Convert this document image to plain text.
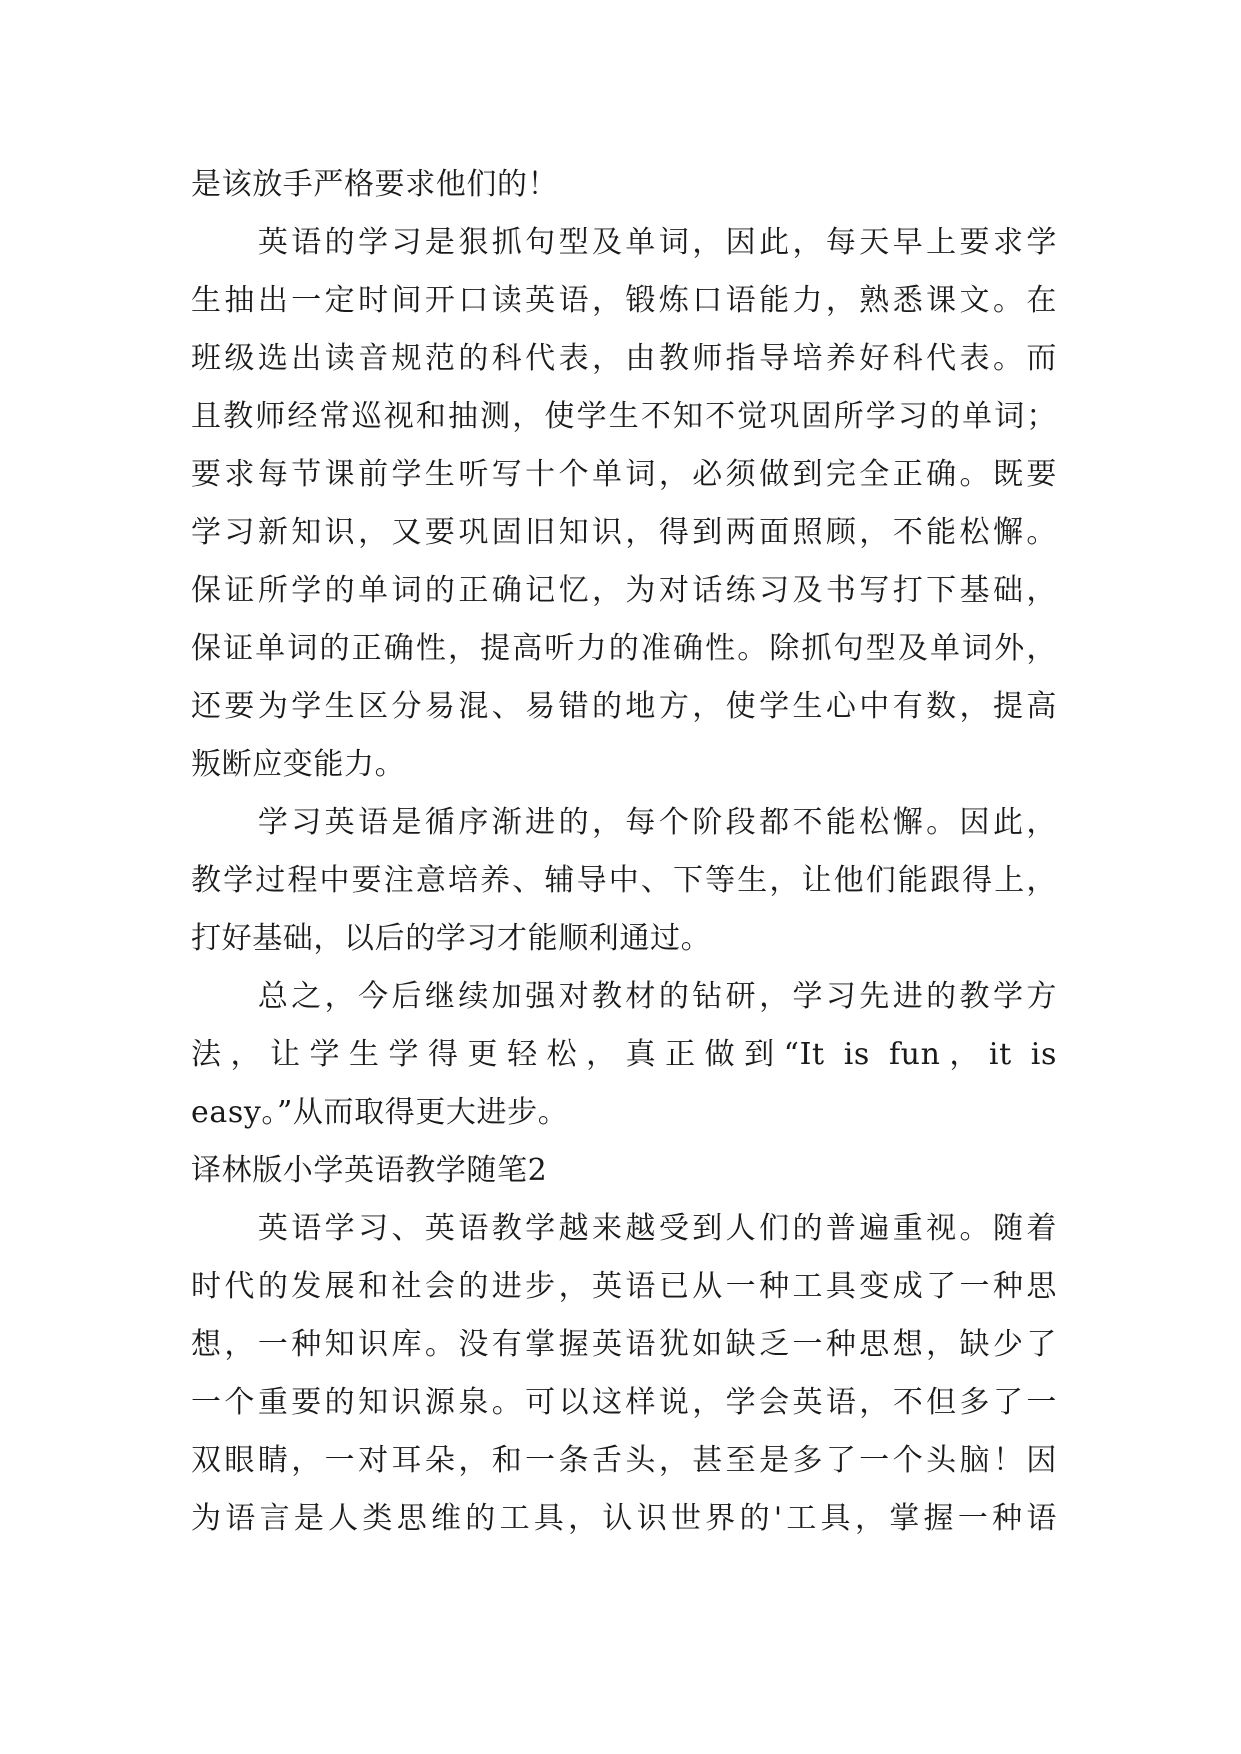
是该放手严格要求他们的！
　　英语的学习是狠抓句型及单词，因此，每天早上要求学
生抽出一定时间开口读英语，锻炼口语能力，熟悉课文。在
班级选出读音规范的科代表，由教师指导培养好科代表。而
且教师经常巡视和抽测，使学生不知不觉巩固所学习的单词；
要求每节课前学生听写十个单词，必须做到完全正确。既要
学习新知识，又要巩固旧知识，得到两面照顾，不能松懈。
保证所学的单词的正确记忆，为对话练习及书写打下基础，
保证单词的正确性，提高听力的准确性。除抓句型及单词外，
还要为学生区分易混、易错的地方，使学生心中有数，提高
叛断应变能力。
　　学习英语是循序渐进的，每个阶段都不能松懈。因此，
教学过程中要注意培养、辅导中、下等生，让他们能跟得上，
打好基础，以后的学习才能顺利通过。
　　总之，今后继续加强对教材的钻研，学习先进的教学方
法，让学生学得更轻松，真正做到“It is fun，it is
easy。”从而取得更大进步。
译林版小学英语教学随笔2
　　英语学习、英语教学越来越受到人们的普遍重视。随着
时代的发展和社会的进步，英语已从一种工具变成了一种思
想，一种知识库。没有掌握英语犹如缺乏一种思想，缺少了
一个重要的知识源泉。可以这样说，学会英语，不但多了一
双眼睛，一对耳朵，和一条舌头，甚至是多了一个头脑！因
为语言是人类思维的工具，认识世界的'工具，掌握一种语
